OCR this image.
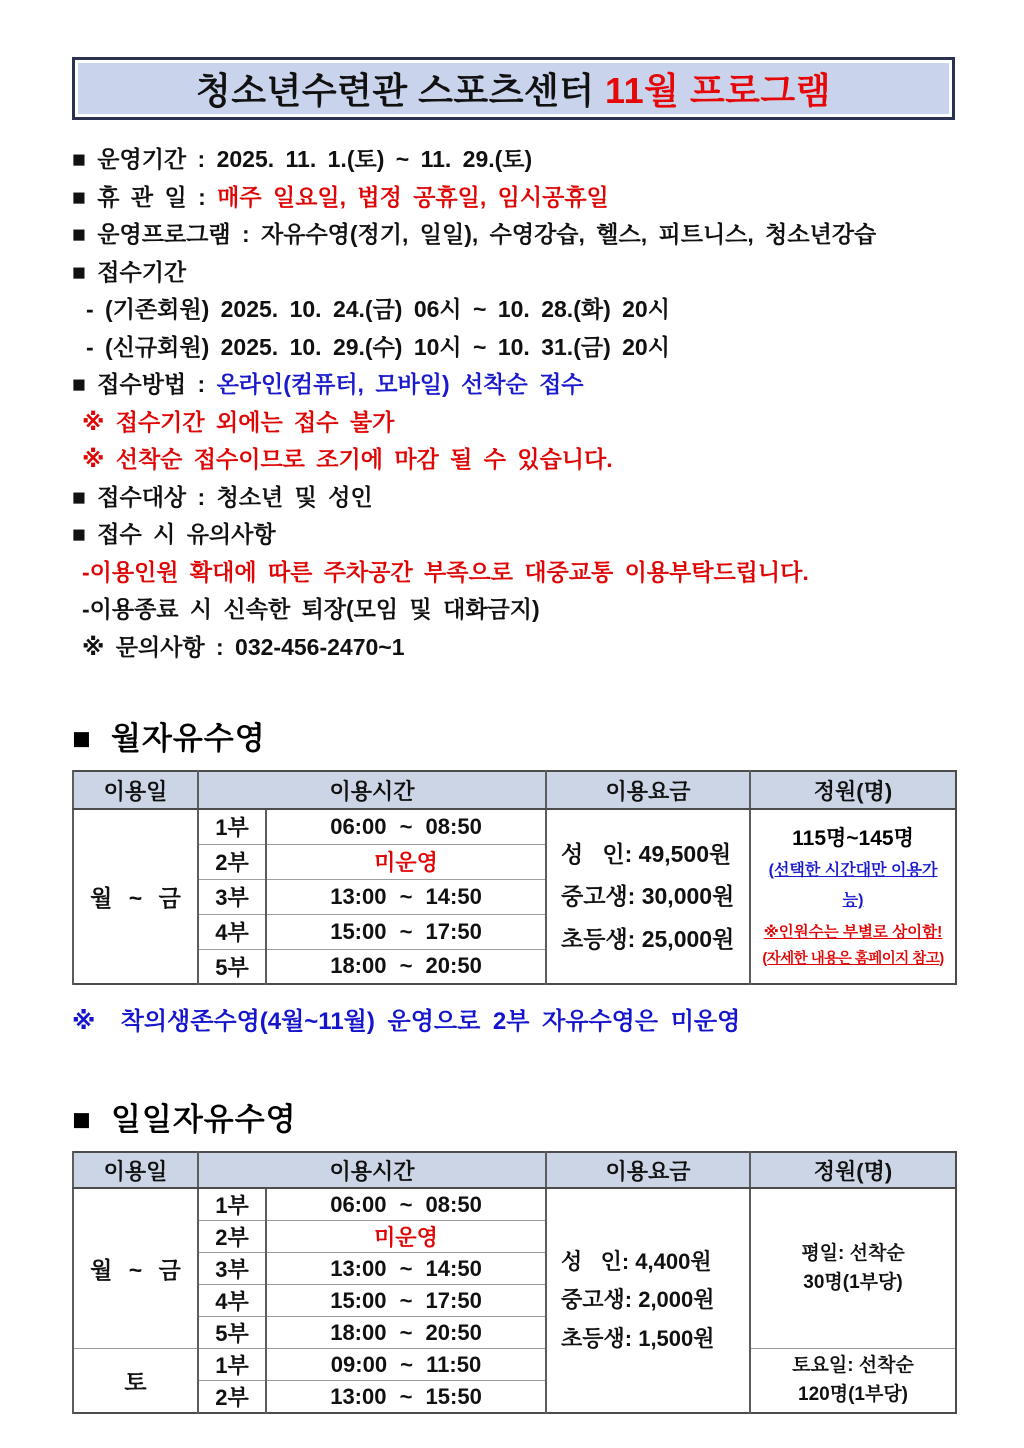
청소년수련관 스포츠센터 11월 프로그램
■ 운영기간 : 2025. 11. 1.(토) ~ 11. 29.(토)
■ 휴 관 일 : 매주 일요일, 법정 공휴일, 임시공휴일
■ 운영프로그램 : 자유수영(정기, 일일), 수영강습, 헬스, 피트니스, 청소년강습
■ 접수기간
- (기존회원) 2025. 10. 24.(금) 06시 ~ 10. 28.(화) 20시
- (신규회원) 2025. 10. 29.(수) 10시 ~ 10. 31.(금) 20시
■ 접수방법 : 온라인(컴퓨터, 모바일) 선착순 접수
※ 접수기간 외에는 접수 불가
※ 선착순 접수이므로 조기에 마감 될 수 있습니다.
■ 접수대상 : 청소년 및 성인
■ 접수 시 유의사항
-이용인원 확대에 따른 주차공간 부족으로 대중교통 이용부탁드립니다.
-이용종료 시 신속한 퇴장(모임 및 대화금지)
※ 문의사항 : 032-456-2470~1
■  월자유수영
이용일	이용시간		이용요금	정원(명)
월 ~ 금	1부	06:00 ~ 08:50	
성   인: 49,500원
중고생: 30,000원
초등생: 25,000원

115명~145명
(선택한 시간대만 이용가능)
※인원수는 부별로 상이함!
(자세한 내용은 홈페이지 참고)

	2부	미운영		
	3부	13:00 ~ 14:50		
	4부	15:00 ~ 17:50		
	5부	18:00 ~ 20:50		
※  착의생존수영(4월~11월) 운영으로 2부 자유수영은 미운영
■  일일자유수영
이용일	이용시간		이용요금	정원(명)
월 ~ 금	1부	06:00 ~ 08:50	
성   인: 4,400원
중고생: 2,000원
초등생: 1,500원

평일: 선착순
30명(1부당)

	2부	미운영		
	3부	13:00 ~ 14:50		
	4부	15:00 ~ 17:50		
	5부	18:00 ~ 20:50		
토	1부	09:00 ~ 11:50		토요일: 선착순
120명(1부당)

	2부	13:00 ~ 15:50		
